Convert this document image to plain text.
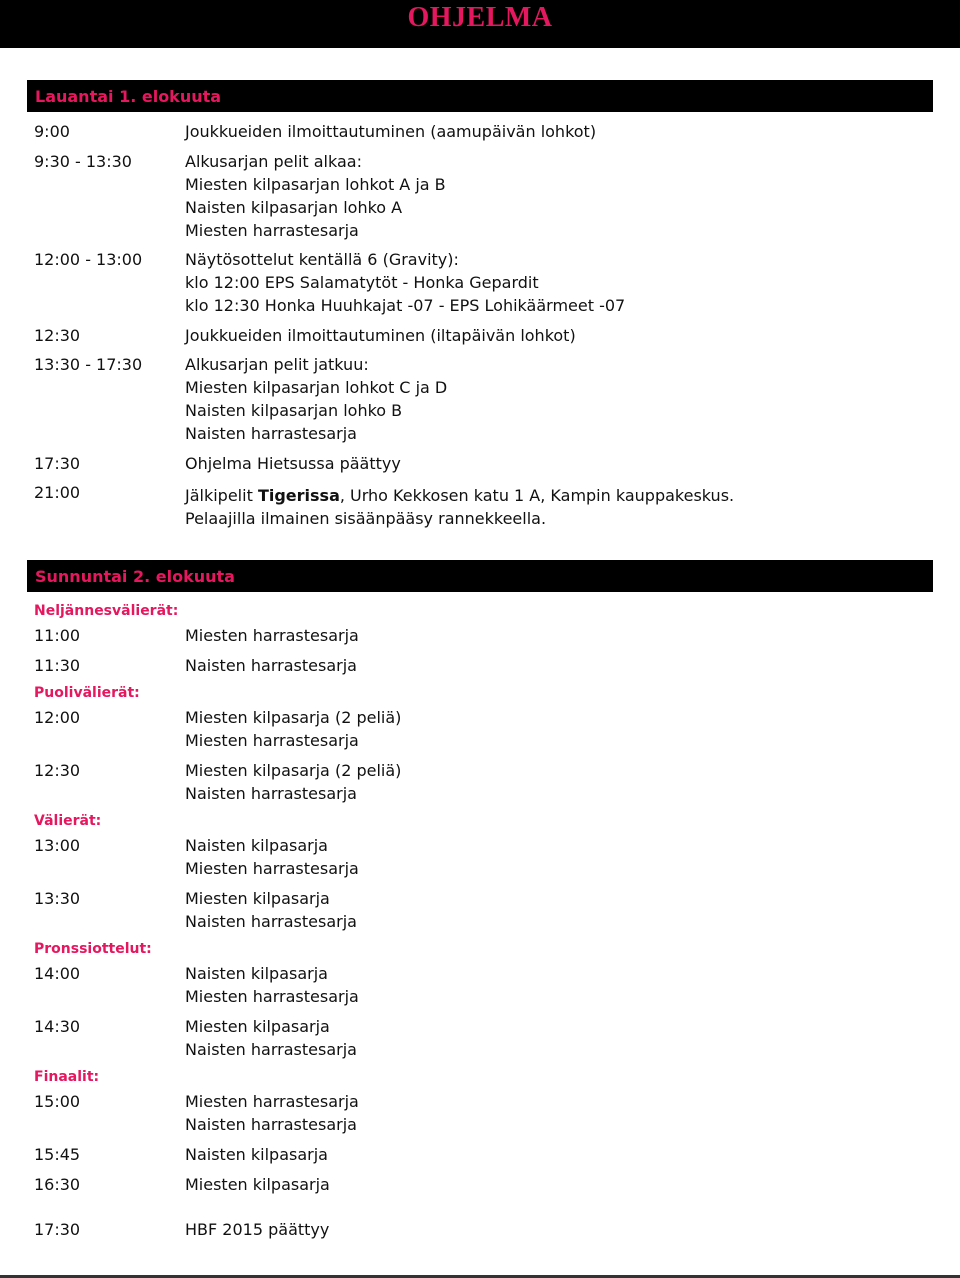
OHJELMA
Lauantai 1. elokuuta
9:00	Joukkueiden ilmoittautuminen (aamupäivän lohkot)
9:30 - 13:30	Alkusarjan pelit alkaa:
Miesten kilpasarjan lohkot A ja B
Naisten kilpasarjan lohko A
Miesten harrastesarja
12:00 - 13:00	Näytösottelut kentällä 6 (Gravity):
klo 12:00 EPS Salamatytöt - Honka Gepardit
klo 12:30 Honka Huuhkajat -07 - EPS Lohikäärmeet -07
12:30	Joukkueiden ilmoittautuminen (iltapäivän lohkot)
13:30 - 17:30	Alkusarjan pelit jatkuu:
Miesten kilpasarjan lohkot C ja D
Naisten kilpasarjan lohko B
Naisten harrastesarja
17:30	Ohjelma Hietsussa päättyy
21:00	Jälkipelit Tigerissa, Urho Kekkosen katu 1 A, Kampin kauppakeskus.
Pelaajilla ilmainen sisäänpääsy rannekkeella.
Sunnuntai 2. elokuuta
Neljännesvälierät:
11:00	Miesten harrastesarja
11:30	Naisten harrastesarja
Puolivälierät:
12:00	Miesten kilpasarja (2 peliä)
Miesten harrastesarja
12:30	Miesten kilpasarja (2 peliä)
Naisten harrastesarja
Välierät:
13:00	Naisten kilpasarja
Miesten harrastesarja
13:30	Miesten kilpasarja
Naisten harrastesarja
Pronssiottelut:
14:00	Naisten kilpasarja
Miesten harrastesarja
14:30	Miesten kilpasarja
Naisten harrastesarja
Finaalit:
15:00	Miesten harrastesarja
Naisten harrastesarja
15:45	Naisten kilpasarja
16:30	Miesten kilpasarja
17:30	HBF 2015 päättyy
